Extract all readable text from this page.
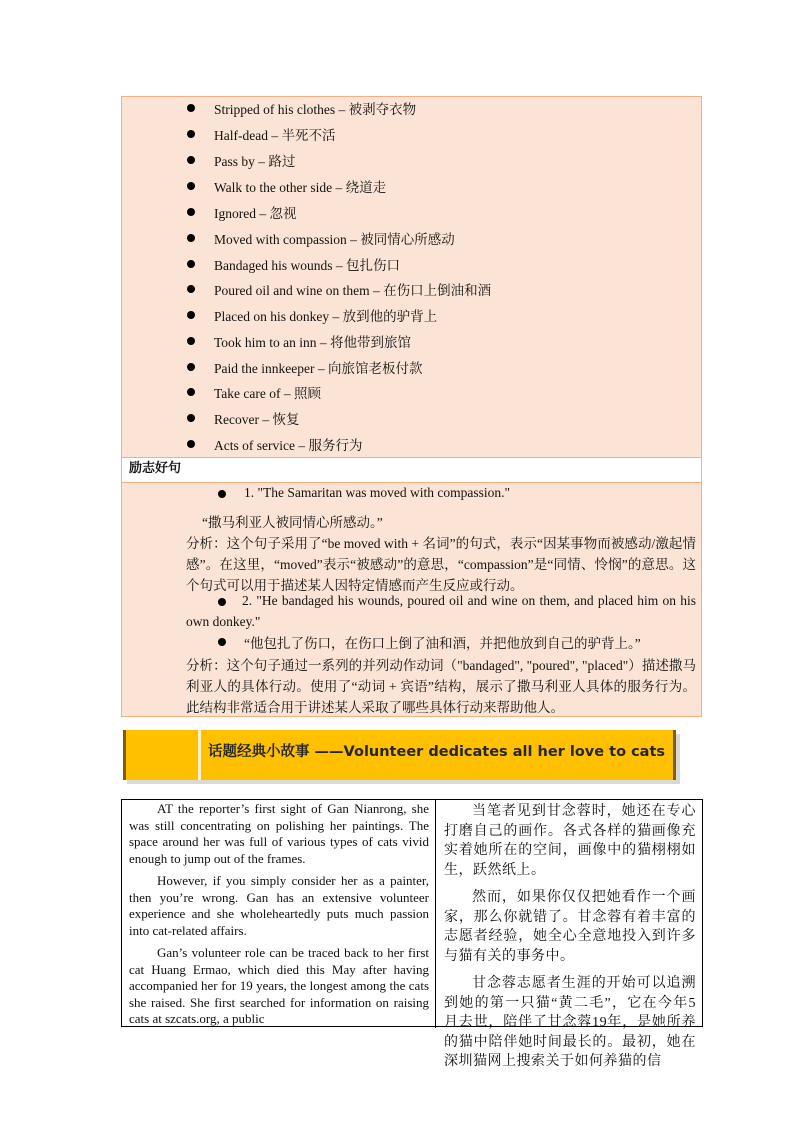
Stripped of his clothes – 被剥夺衣物
Half-dead – 半死不活
Pass by – 路过
Walk to the other side – 绕道走
Ignored – 忽视
Moved with compassion – 被同情心所感动
Bandaged his wounds – 包扎伤口
Poured oil and wine on them – 在伤口上倒油和酒
Placed on his donkey – 放到他的驴背上
Took him to an inn – 将他带到旅馆
Paid the innkeeper – 向旅馆老板付款
Take care of – 照顾
Recover – 恢复
Acts of service – 服务行为
励志好句
1. "The Samaritan was moved with compassion."
“撒马利亚人被同情心所感动。”
分析：这个句子采用了“be moved with + 名词”的句式，表示“因某事物而被感动/激起情感”。在这里，“moved”表示“被感动”的意思，“compassion”是“同情、怜悯”的意思。这个句式可以用于描述某人因特定情感而产生反应或行动。
2. "He bandaged his wounds, poured oil and wine on them, and placed him on his own donkey."
“他包扎了伤口，在伤口上倒了油和酒，并把他放到自己的驴背上。”
分析：这个句子通过一系列的并列动作动词（"bandaged", "poured", "placed"）描述撒马利亚人的具体行动。使用了“动词 + 宾语”结构，展示了撒马利亚人具体的服务行为。此结构非常适合用于讲述某人采取了哪些具体行动来帮助他人。
话题经典小故事 ——Volunteer dedicates all her love to cats

AT the reporter’s first sight of Gan Nianrong, she was still concentrating on polishing her paintings. The space around her was full of various types of cats vivid enough to jump out of the frames.

However, if you simply consider her as a painter, then you’re wrong. Gan has an extensive volunteer experience and she wholeheartedly puts much passion into cat-related affairs.

Gan’s volunteer role can be traced back to her first cat Huang Ermao, which died this May after having accompanied her for 19 years, the longest among the cats she raised. She first searched for information on raising cats at szcats.org, a public

当笔者见到甘念蓉时，她还在专心打磨自己的画作。各式各样的猫画像充实着她所在的空间，画像中的猫栩栩如生，跃然纸上。

然而，如果你仅仅把她看作一个画家，那么你就错了。甘念蓉有着丰富的志愿者经验，她全心全意地投入到许多与猫有关的事务中。

甘念蓉志愿者生涯的开始可以追溯到她的第一只猫“黄二毛”，它在今年5月去世，陪伴了甘念蓉19年，是她所养的猫中陪伴她时间最长的。最初，她在深圳猫网上搜索关于如何养猫的信
